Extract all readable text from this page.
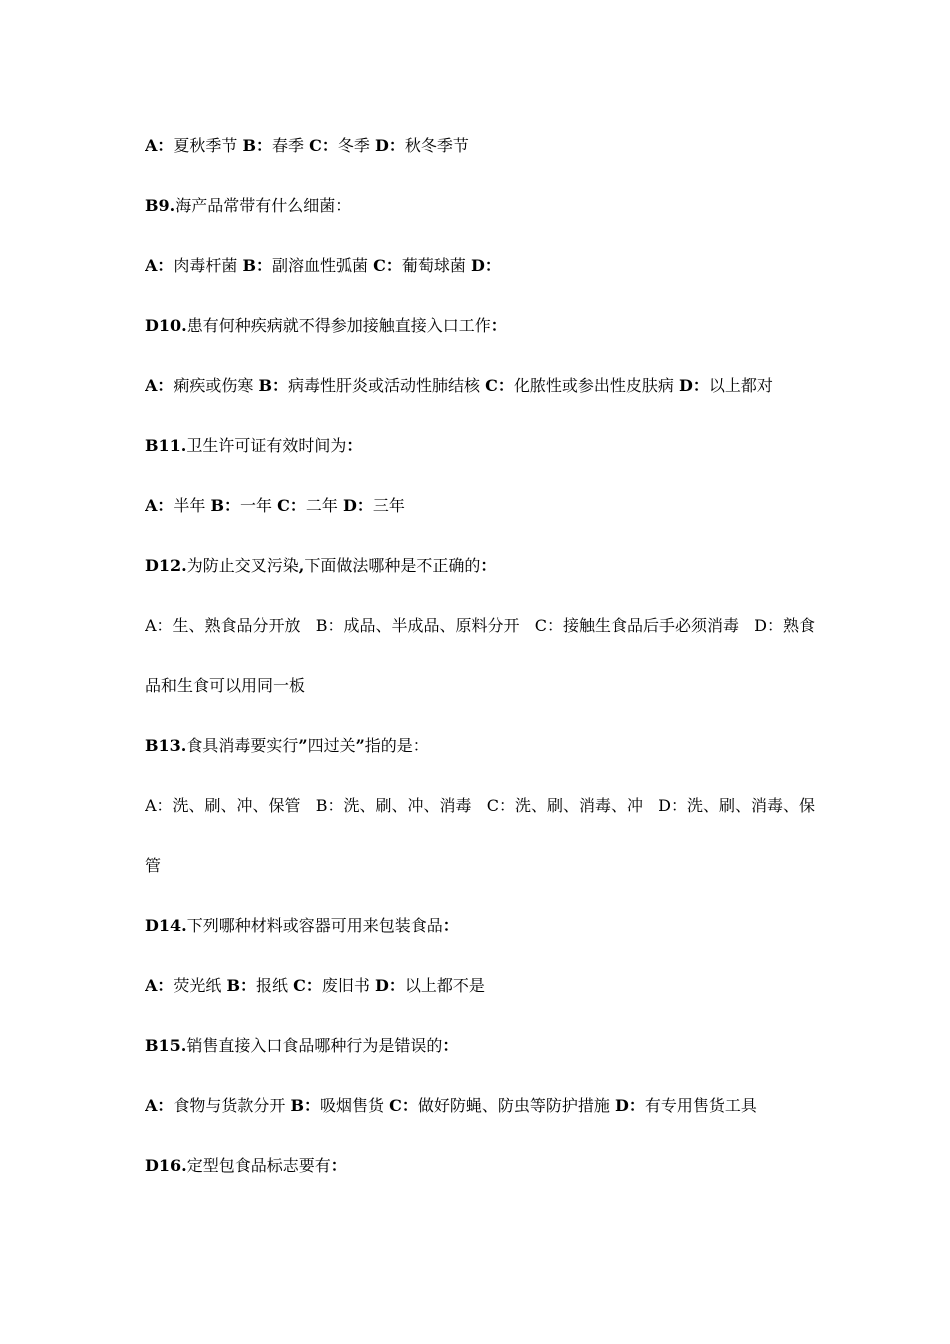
A：夏秋季节 B：春季 C：冬季 D：秋冬季节
B9.海产品常带有什么细菌：
A：肉毒杆菌 B：副溶血性弧菌 C：葡萄球菌 D：
D10.患有何种疾病就不得参加接触直接入口工作：
A：痢疾或伤寒 B：病毒性肝炎或活动性肺结核 C：化脓性或参出性皮肤病 D：以上都对
B11.卫生许可证有效时间为：
A：半年 B：一年 C：二年 D：三年
D12.为防止交叉污染,下面做法哪种是不正确的：
A：生、熟食品分开放 B：成品、半成品、原料分开 C：接触生食品后手必须消毒 D：熟食
品和生食可以用同一板
B13.食具消毒要实行”四过关”指的是：
A：洗、刷、冲、保管 B：洗、刷、冲、消毒 C：洗、刷、消毒、冲 D：洗、刷、消毒、保
管
D14.下列哪种材料或容器可用来包装食品：
A：荧光纸 B：报纸 C：废旧书 D：以上都不是
B15.销售直接入口食品哪种行为是错误的：
A：食物与货款分开 B：吸烟售货 C：做好防蝇、防虫等防护措施 D：有专用售货工具
D16.定型包食品标志要有：
